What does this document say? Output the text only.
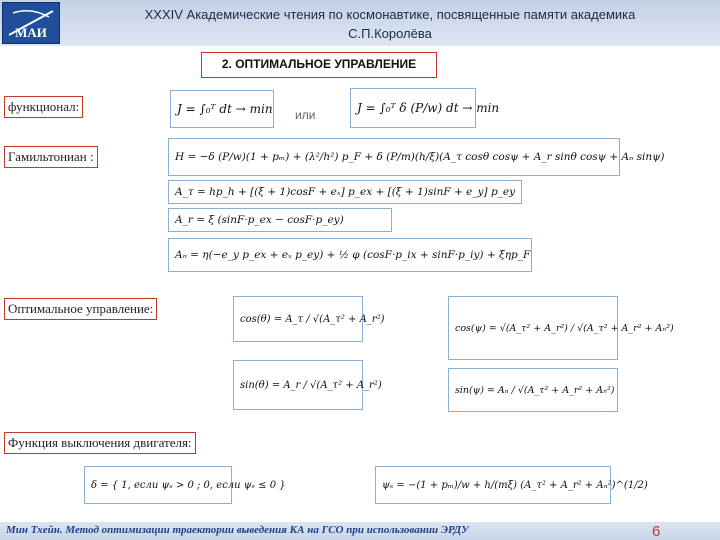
МАИ
XXXIV Академические чтения по космонавтике, посвященные памяти академика
С.П.Королёва
2. ОПТИМАЛЬНОЕ УПРАВЛЕНИЕ
функционал:	J = ∫₀ᵀ dt → min или	J = ∫₀ᵀ δ (P/w) dt → min
Гамильтониан :	H = −δ (P/w)(1 + pₘ) + (λ²/h²) p_F + δ (P/m)(h/ξ)(A_τ cosθ cosψ + A_r sinθ cosψ + Aₙ sinψ)
A_τ = hp_h + [(ξ + 1)cosF + eₓ] p_ex + [(ξ + 1)sinF + e_y] p_ey
A_r = ξ (sinF·p_ex − cosF·p_ey)
Aₙ = η(−e_y p_ex + eₓ p_ey) + ½ φ (cosF·p_ix + sinF·p_iy) + ξηp_F
Оптимальное управление:
cos(θ) = A_τ / √(A_τ² + A_r²)
cos(ψ) = √(A_τ² + A_r²) / √(A_τ² + A_r² + Aₙ²)
sin(θ) = A_r / √(A_τ² + A_r²)	sin(ψ) = Aₙ / √(A_τ² + A_r² + Aₙ²)
Функция выключения двигателя:
δ = { 1, если ψₛ > 0 ; 0, если ψₛ ≤ 0 }	ψₛ = −(1 + pₘ)/w + h/(mξ) (A_τ² + A_r² + Aₙ²)^(1/2)
Мин Тхейн. Метод оптимизации траектории выведения КА на ГСО при использовании ЭРДУ	6
